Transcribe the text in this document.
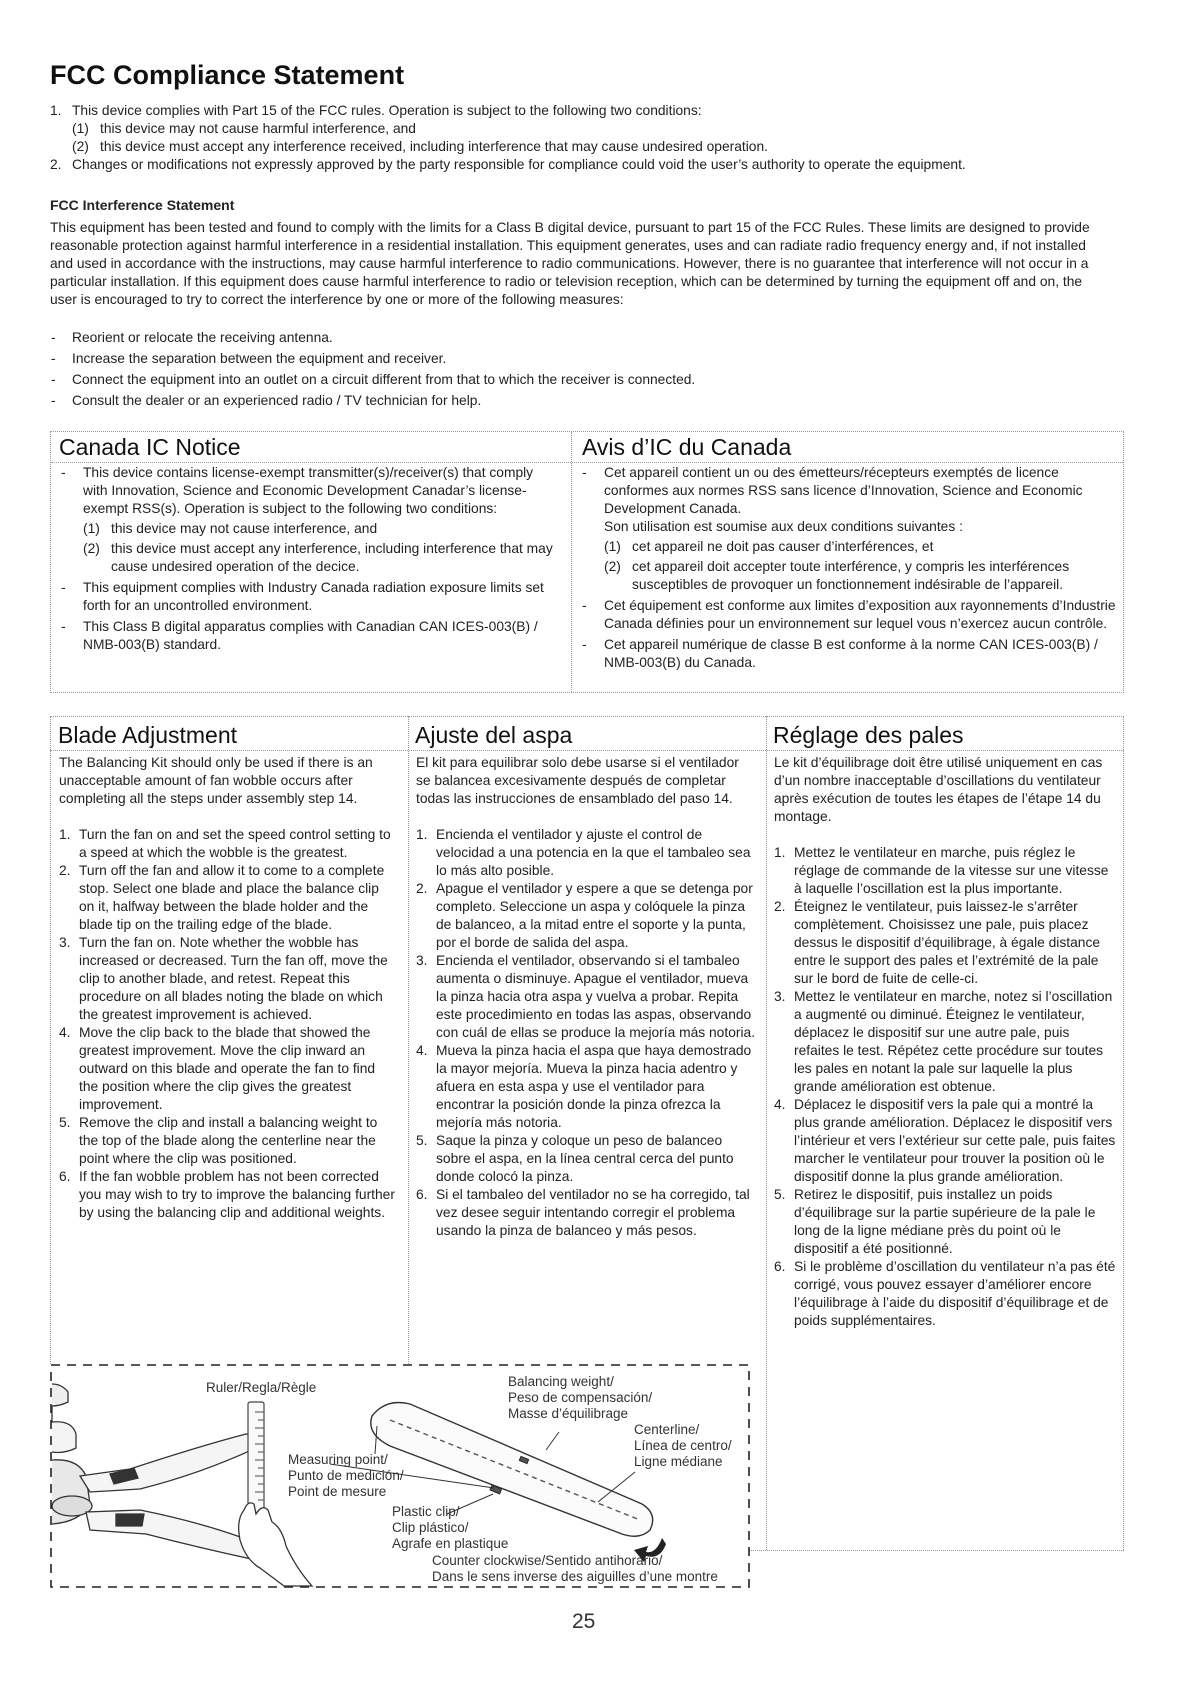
FCC Compliance Statement
1. This device complies with Part 15 of the FCC rules. Operation is subject to the following two conditions:
(1) this device may not cause harmful interference, and
(2) this device must accept any interference received, including interference that may cause undesired operation.
2. Changes or modifications not expressly approved by the party responsible for compliance could void the user’s authority to operate the equipment.
FCC Interference Statement
This equipment has been tested and found to comply with the limits for a Class B digital device, pursuant to part 15 of the FCC Rules. These limits are designed to provide reasonable protection against harmful interference in a residential installation. This equipment generates, uses and can radiate radio frequency energy and, if not installed and used in accordance with the instructions, may cause harmful interference to radio communications. However, there is no guarantee that interference will not occur in a particular installation. If this equipment does cause harmful interference to radio or television reception, which can be determined by turning the equipment off and on, the user is encouraged to try to correct the interference by one or more of the following measures:
- Reorient or relocate the receiving antenna.
- Increase the separation between the equipment and receiver.
- Connect the equipment into an outlet on a circuit different from that to which the receiver is connected.
- Consult the dealer or an experienced radio / TV technician for help.
Canada IC Notice	Avis d’IC du Canada
- This device contains license-exempt transmitter(s)/receiver(s) that comply with Innovation, Science and Economic Development Canadar’s license-exempt RSS(s). Operation is subject to the following two conditions:
(1) this device may not cause interference, and
(2) this device must accept any interference, including interference that may cause undesired operation of the decice.
- This equipment complies with Industry Canada radiation exposure limits set forth for an uncontrolled environment.
- This Class B digital apparatus complies with Canadian CAN ICES-003(B) / NMB-003(B) standard.
- Cet appareil contient un ou des émetteurs/récepteurs exemptés de licence conformes aux normes RSS sans licence d’Innovation, Science and Economic Development Canada.
Son utilisation est soumise aux deux conditions suivantes :
(1) cet appareil ne doit pas causer d’interférences, et
(2) cet appareil doit accepter toute interférence, y compris les interférences susceptibles de provoquer un fonctionnement indésirable de l’appareil.
- Cet équipement est conforme aux limites d’exposition aux rayonnements d’Industrie Canada définies pour un environnement sur lequel vous n’exercez aucun contrôle.
- Cet appareil numérique de classe B est conforme à la norme CAN ICES-003(B) / NMB-003(B) du Canada.
Blade Adjustment	Ajuste del aspa	Réglage des pales

The Balancing Kit should only be used if there is an unacceptable amount of fan wobble occurs after completing all the steps under assembly step 14.

1. Turn the fan on and set the speed control setting to a speed at which the wobble is the greatest.
2. Turn off the fan and allow it to come to a complete stop. Select one blade and place the balance clip on it, halfway between the blade holder and the blade tip on the trailing edge of the blade.
3. Turn the fan on. Note whether the wobble has increased or decreased. Turn the fan off, move the clip to another blade, and retest. Repeat this procedure on all blades noting the blade on which the greatest improvement is achieved.
4. Move the clip back to the blade that showed the greatest improvement. Move the clip inward an outward on this blade and operate the fan to find the position where the clip gives the greatest improvement.
5. Remove the clip and install a balancing weight to the top of the blade along the centerline near the point where the clip was positioned.
6. If the fan wobble problem has not been corrected you may wish to try to improve the balancing further by using the balancing clip and additional weights.

El kit para equilibrar solo debe usarse si el ventilador se balancea excesivamente después de completar todas las instrucciones de ensamblado del paso 14.

1. Encienda el ventilador y ajuste el control de velocidad a una potencia en la que el tambaleo sea lo más alto posible.
2. Apague el ventilador y espere a que se detenga por completo. Seleccione un aspa y colóquele la pinza de balanceo, a la mitad entre el soporte y la punta, por el borde de salida del aspa.
3. Encienda el ventilador, observando si el tambaleo aumenta o disminuye. Apague el ventilador, mueva la pinza hacia otra aspa y vuelva a probar. Repita este procedimiento en todas las aspas, observando con cuál de ellas se produce la mejoría más notoria.
4. Mueva la pinza hacia el aspa que haya demostrado la mayor mejoría. Mueva la pinza hacia adentro y afuera en esta aspa y use el ventilador para encontrar la posición donde la pinza ofrezca la mejoría más notoria.
5. Saque la pinza y coloque un peso de balanceo sobre el aspa, en la línea central cerca del punto donde colocó la pinza.
6. Si el tambaleo del ventilador no se ha corregido, tal vez desee seguir intentando corregir el problema usando la pinza de balanceo y más pesos.

Le kit d’équilibrage doit être utilisé uniquement en cas d’un nombre inacceptable d’oscillations du ventilateur après exécution de toutes les étapes de l’étape 14 du montage.

1. Mettez le ventilateur en marche, puis réglez le réglage de commande de la vitesse sur une vitesse à laquelle l’oscillation est la plus importante.
2. Éteignez le ventilateur, puis laissez-le s’arrêter complètement. Choisissez une pale, puis placez dessus le dispositif d’équilibrage, à égale distance entre le support des pales et l’extrémité de la pale sur le bord de fuite de celle-ci.
3. Mettez le ventilateur en marche, notez si l’oscillation a augmenté ou diminué. Éteignez le ventilateur, déplacez le dispositif sur une autre pale, puis refaites le test. Répétez cette procédure sur toutes les pales en notant la pale sur laquelle la plus grande amélioration est obtenue.
4. Déplacez le dispositif vers la pale qui a montré la plus grande amélioration. Déplacez le dispositif vers l’intérieur et vers l’extérieur sur cette pale, puis faites marcher le ventilateur pour trouver la position où le dispositif donne la plus grande amélioration.
5. Retirez le dispositif, puis installez un poids d’équilibrage sur la partie supérieure de la pale le long de la ligne médiane près du point où le dispositif a été positionné.
6. Si le problème d’oscillation du ventilateur n’a pas été corrigé, vous pouvez essayer d’améliorer encore l’équilibrage à l’aide du dispositif d’équilibrage et de poids supplémentaires.
Ruler/Regla/Règle	Balancing weight/
Peso de compensación/
Masse d’équilibrage
Centerline/
Línea de centro/
Ligne médiane
Measuring point/
Punto de medición/
Point de mesure
Plastic clip/
Clip plástico/
Agrafe en plastique
Counter clockwise/Sentido antihorario/
Dans le sens inverse des aiguilles d’une montre
25
